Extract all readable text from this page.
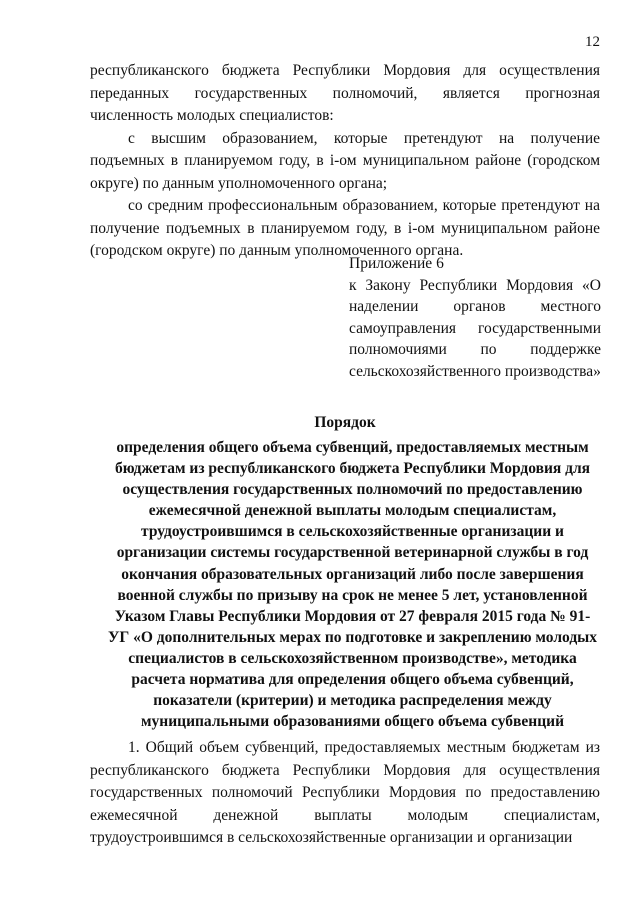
12

республиканского бюджета Республики Мордовия для осуществления переданных государственных полномочий, является прогнозная численность молодых специалистов:

с высшим образованием, которые претендуют на получение подъемных в планируемом году, в i-ом муниципальном районе (городском округе) по данным уполномоченного органа;

со средним профессиональным образованием, которые претендуют на получение подъемных в планируемом году, в i-ом муниципальном районе (городском округе) по данным уполномоченного органа.

Приложение 6
к Закону Республики Мордовия «О наделении органов местного самоуправления государственными полномочиями по поддержке сельскохозяйственного производства»
Порядок
определения общего объема субвенций, предоставляемых местным бюджетам из республиканского бюджета Республики Мордовия для осуществления государственных полномочий по предоставлению ежемесячной денежной выплаты молодым специалистам, трудоустроившимся в сельскохозяйственные организации и организации системы государственной ветеринарной службы в год окончания образовательных организаций либо после завершения военной службы по призыву на срок не менее 5 лет, установленной Указом Главы Республики Мордовия от 27 февраля 2015 года № 91-УГ «О дополнительных мерах по подготовке и закреплению молодых специалистов в сельскохозяйственном производстве», методика расчета норматива для определения общего объема субвенций, показатели (критерии) и методика распределения между муниципальными образованиями общего объема субвенций

1. Общий объем субвенций, предоставляемых местным бюджетам из республиканского бюджета Республики Мордовия для осуществления государственных полномочий Республики Мордовия по предоставлению ежемесячной денежной выплаты молодым специалистам, трудоустроившимся в сельскохозяйственные организации и организации
